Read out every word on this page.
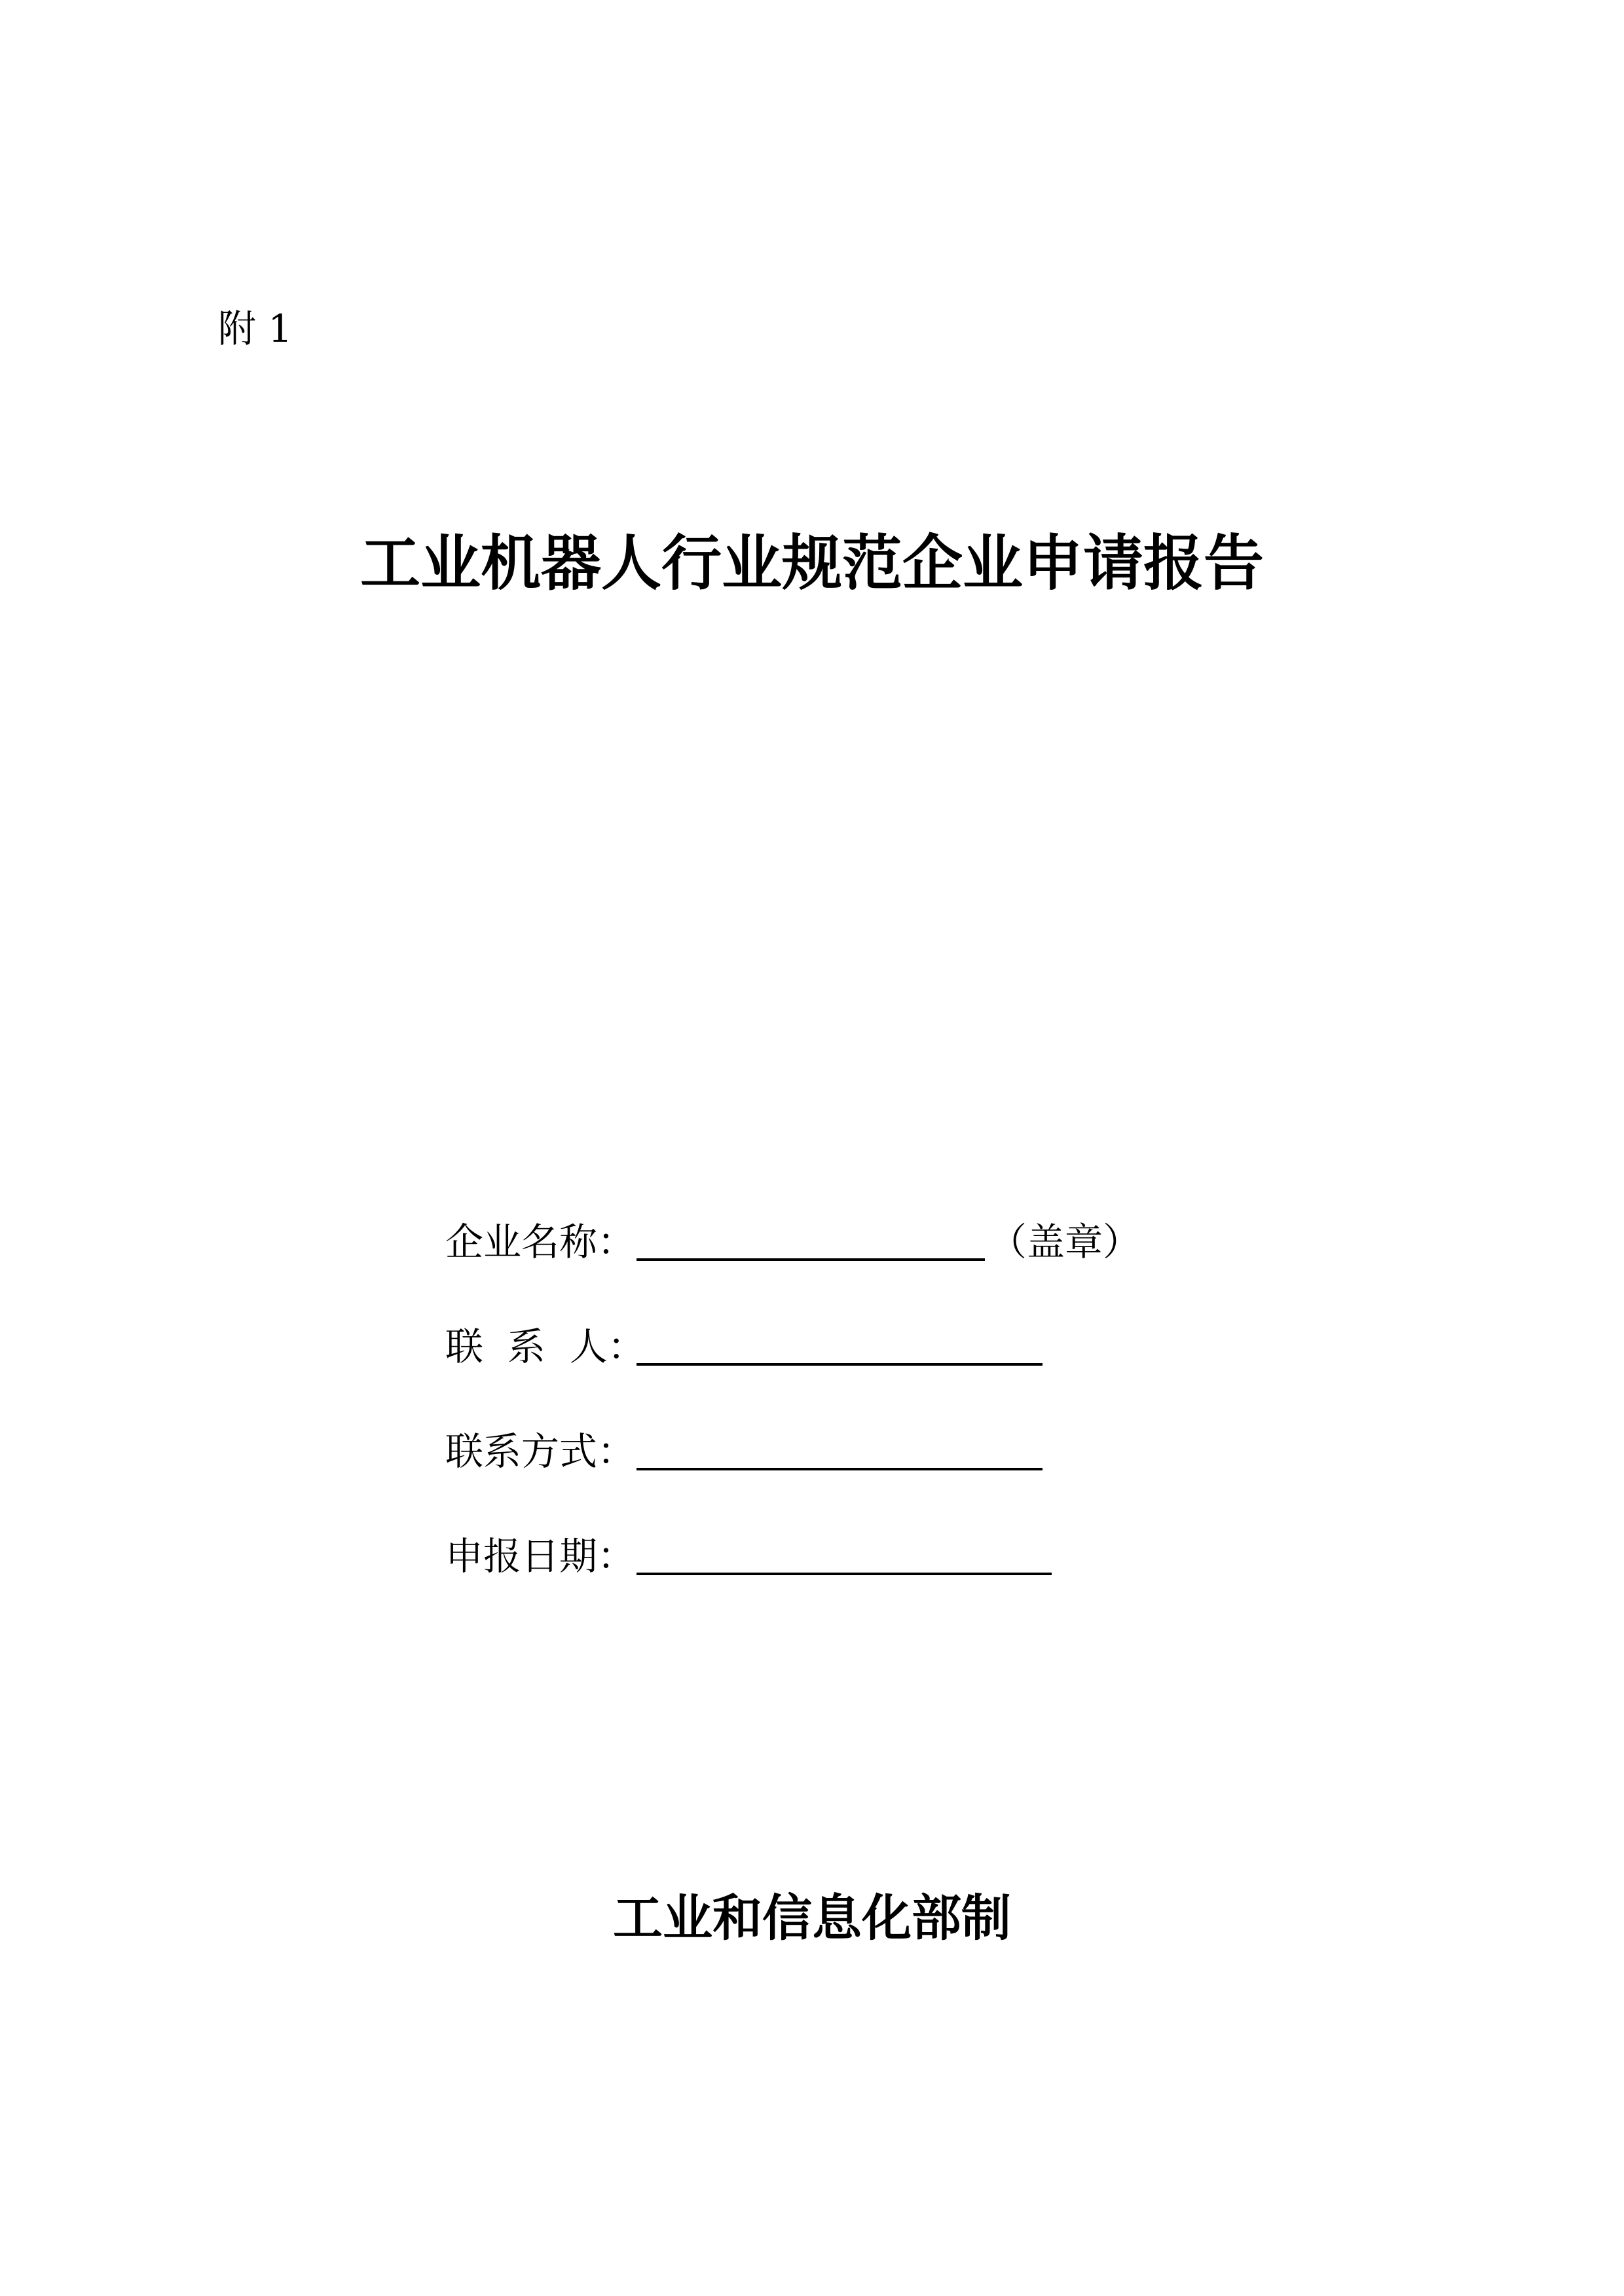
附 1
工业机器人行业规范企业申请报告
企业名称：	（盖章）
联  系  人：
联系方式：
申报日期：
工业和信息化部制
